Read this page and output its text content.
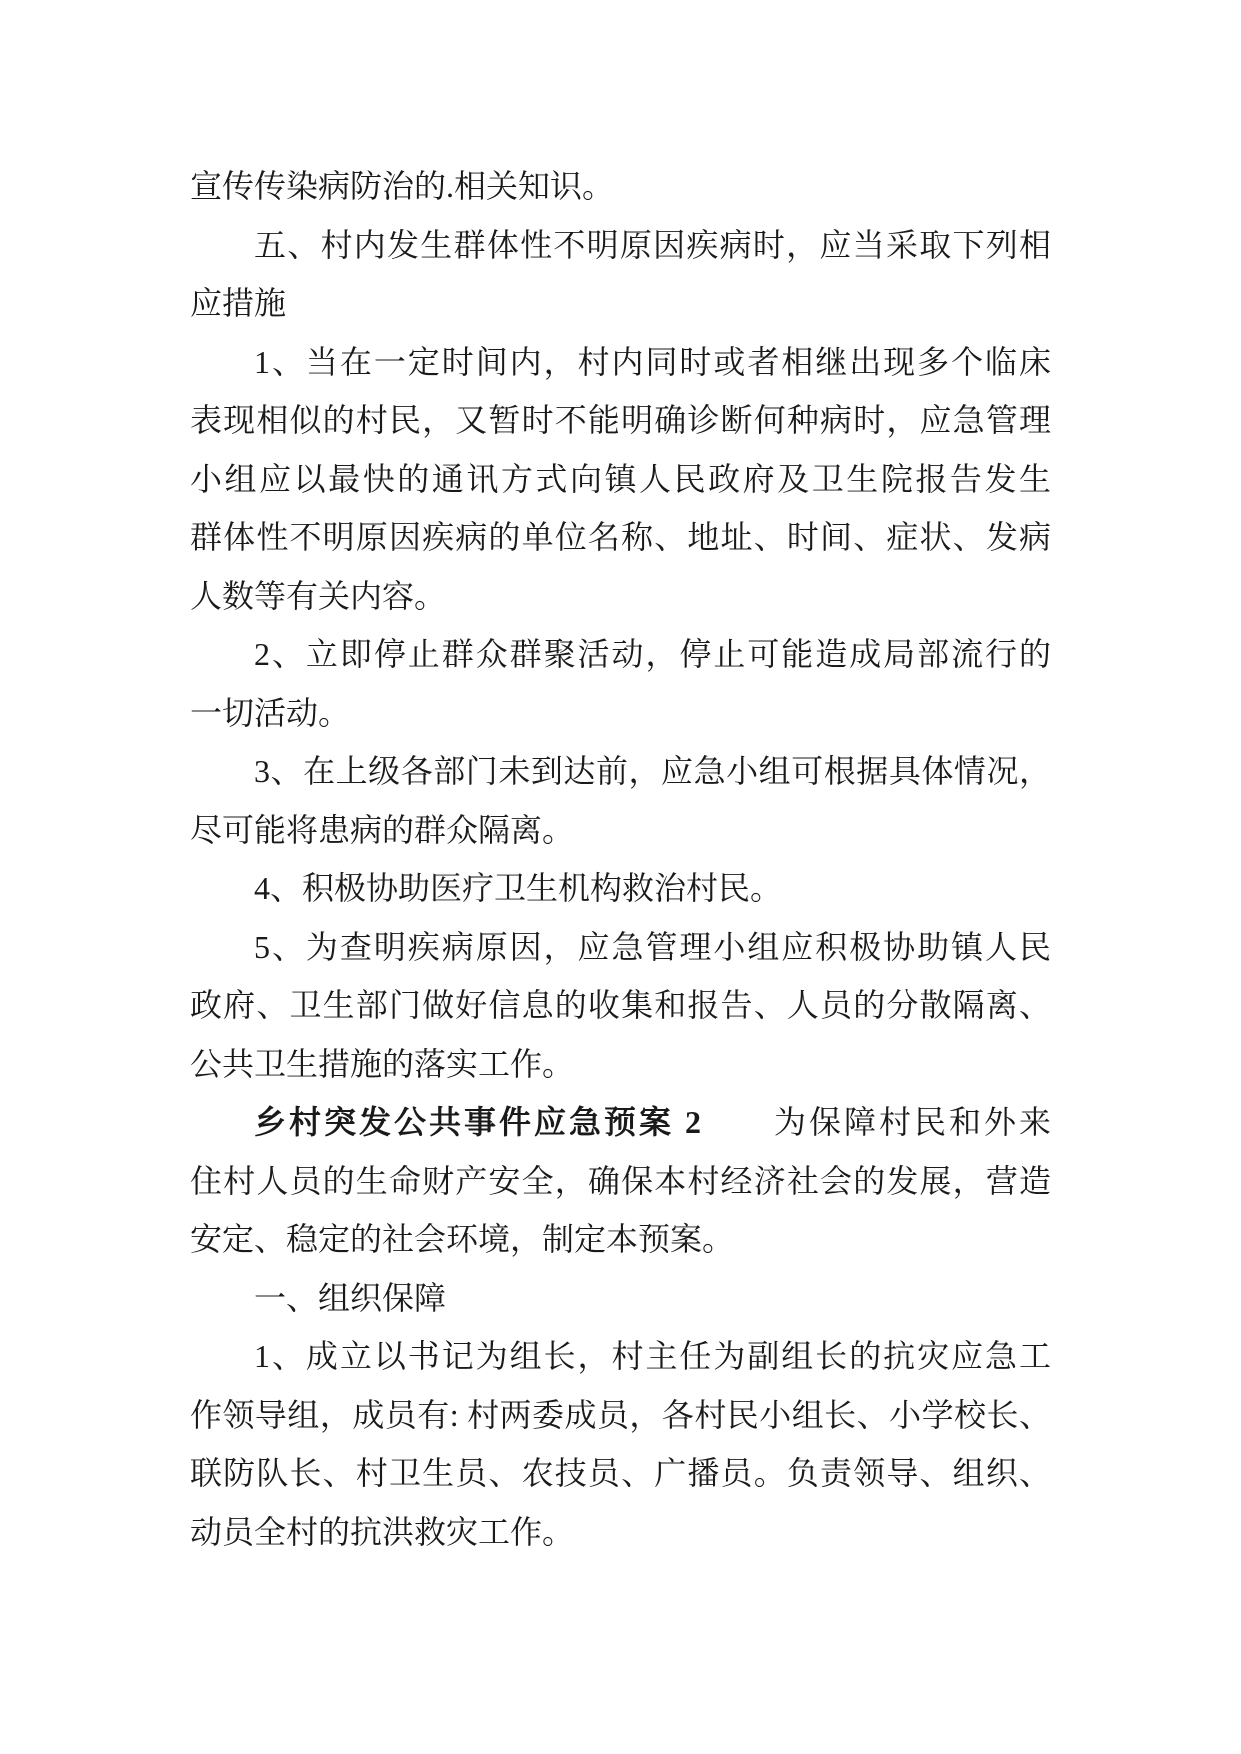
宣传传染病防治的.相关知识。
五、村内发生群体性不明原因疾病时，应当采取下列相
应措施
1、当在一定时间内，村内同时或者相继出现多个临床
表现相似的村民，又暂时不能明确诊断何种病时，应急管理
小组应以最快的通讯方式向镇人民政府及卫生院报告发生
群体性不明原因疾病的单位名称、地址、时间、症状、发病
人数等有关内容。
2、立即停止群众群聚活动，停止可能造成局部流行的
一切活动。
3、在上级各部门未到达前，应急小组可根据具体情况，
尽可能将患病的群众隔离。
4、积极协助医疗卫生机构救治村民。
5、为查明疾病原因，应急管理小组应积极协助镇人民
政府、卫生部门做好信息的收集和报告、人员的分散隔离、
公共卫生措施的落实工作。
乡村突发公共事件应急预案 2　　为保障村民和外来
住村人员的生命财产安全，确保本村经济社会的发展，营造
安定、稳定的社会环境，制定本预案。
一、组织保障
1、成立以书记为组长，村主任为副组长的抗灾应急工
作领导组，成员有: 村两委成员，各村民小组长、小学校长、
联防队长、村卫生员、农技员、广播员。负责领导、组织、
动员全村的抗洪救灾工作。
